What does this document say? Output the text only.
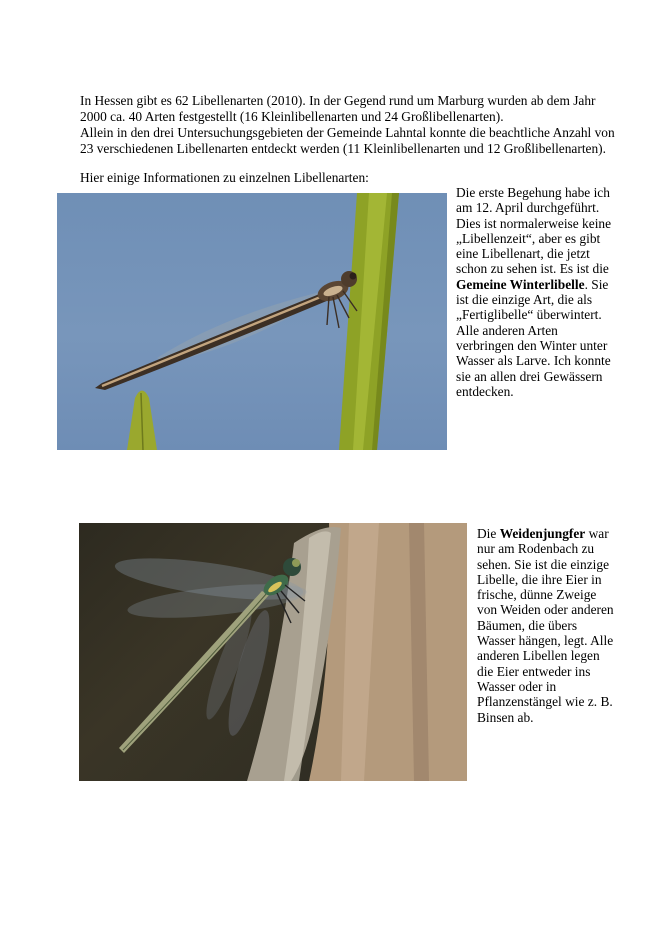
In Hessen gibt es 62 Libellenarten (2010). In der Gegend rund um Marburg wurden ab dem Jahr 2000 ca. 40 Arten festgestellt (16 Kleinlibellenarten und 24 Großlibellenarten).

Allein in den drei Untersuchungsgebieten der Gemeinde Lahntal konnte die beachtliche Anzahl von 23 verschiedenen Libellenarten entdeckt werden (11 Kleinlibellenarten und 12 Großlibellenarten).

Hier einige Informationen zu einzelnen Libellenarten:

Die erste Begehung habe ich am 12. April durchgeführt. Dies ist normalerweise keine „Libellenzeit“, aber es gibt eine Libellenart, die jetzt schon zu sehen ist. Es ist die Gemeine Winterlibelle. Sie ist die einzige Art, die als „Fertiglibelle“ überwintert. Alle anderen Arten verbringen den Winter unter Wasser als Larve. Ich konnte sie an allen drei Gewässern entdecken.

Die Weidenjungfer war nur am Rodenbach zu sehen. Sie ist die einzige Libelle, die ihre Eier in frische, dünne Zweige von Weiden oder anderen Bäumen, die übers Wasser hängen, legt. Alle anderen Libellen legen die Eier entweder ins Wasser oder in Pflanzenstängel wie z. B. Binsen ab.
